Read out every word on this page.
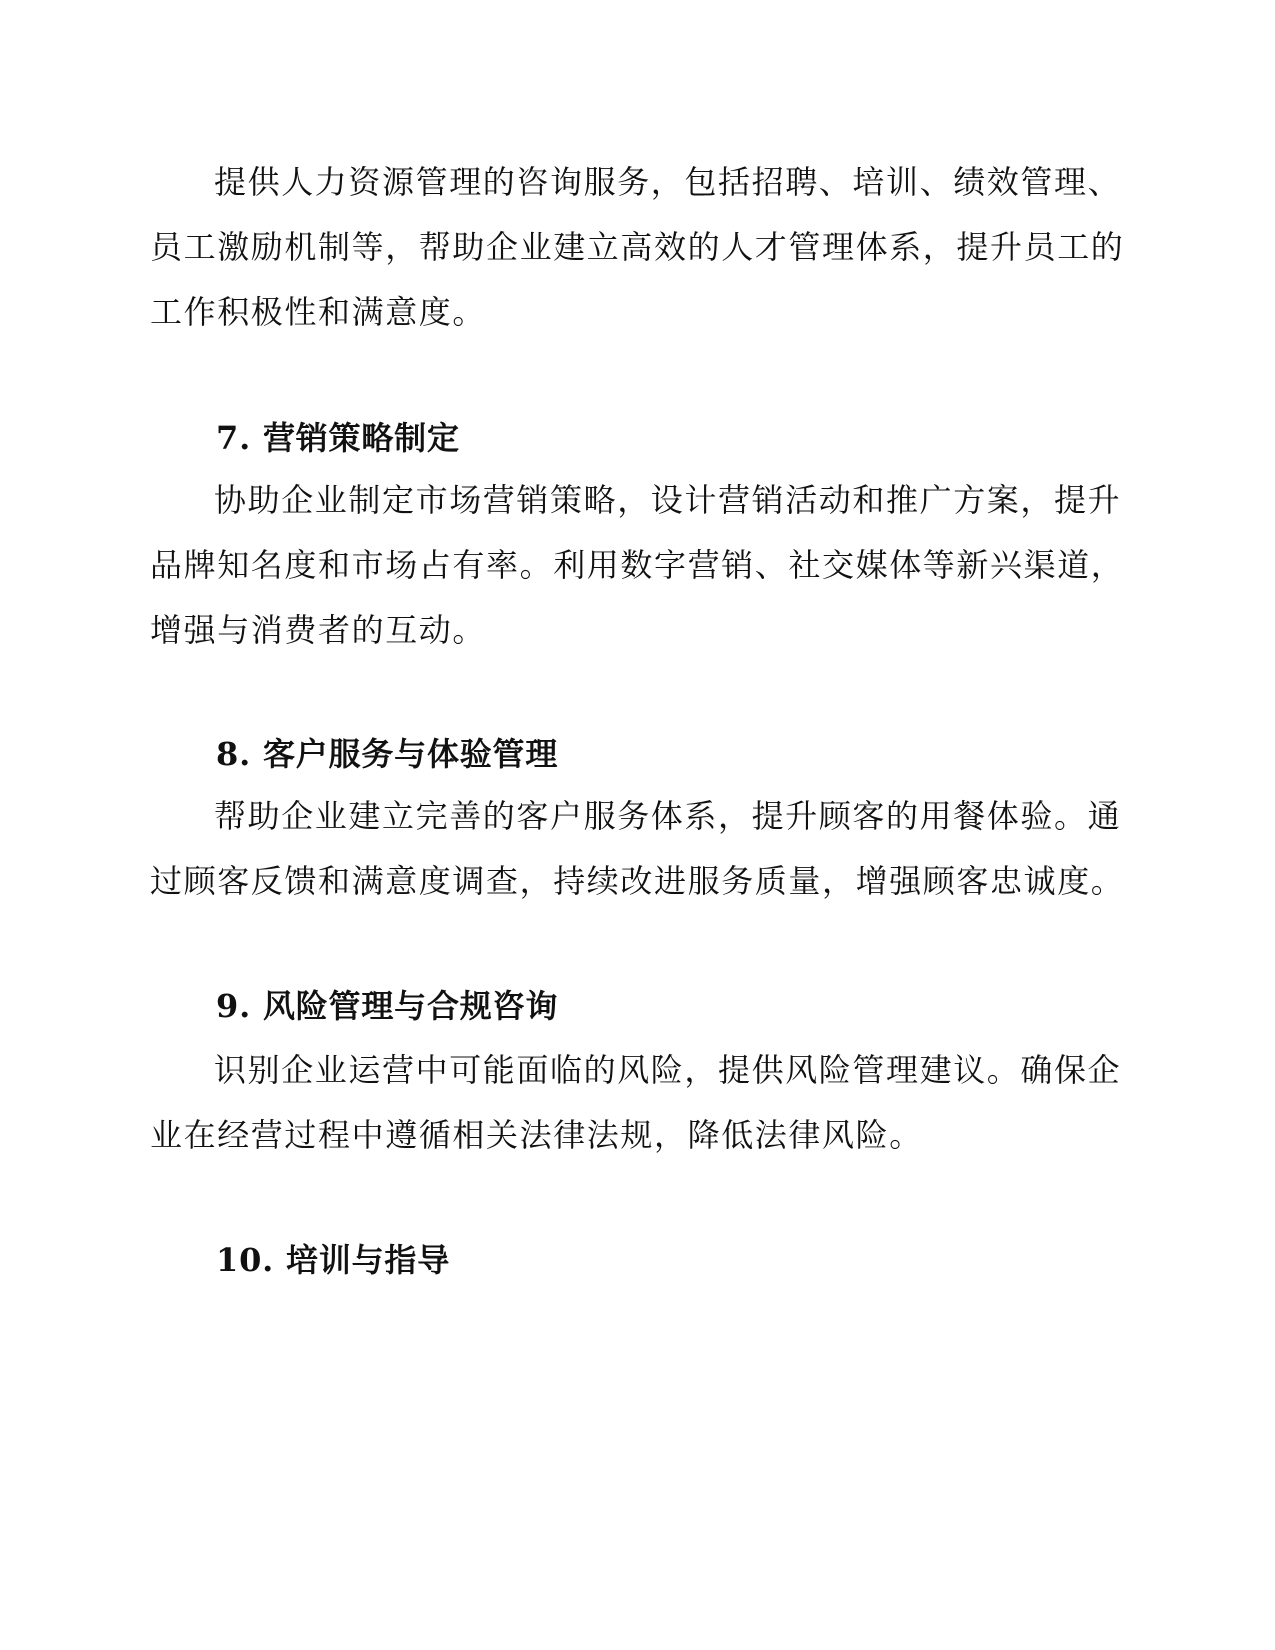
提供人力资源管理的咨询服务，包括招聘、培训、绩效管理、员工激励机制等，帮助企业建立高效的人才管理体系，提升员工的工作积极性和满意度。

7. 营销策略制定

协助企业制定市场营销策略，设计营销活动和推广方案，提升品牌知名度和市场占有率。利用数字营销、社交媒体等新兴渠道，增强与消费者的互动。

8. 客户服务与体验管理

帮助企业建立完善的客户服务体系，提升顾客的用餐体验。通过顾客反馈和满意度调查，持续改进服务质量，增强顾客忠诚度。

9. 风险管理与合规咨询

识别企业运营中可能面临的风险，提供风险管理建议。确保企业在经营过程中遵循相关法律法规，降低法律风险。

10. 培训与指导
